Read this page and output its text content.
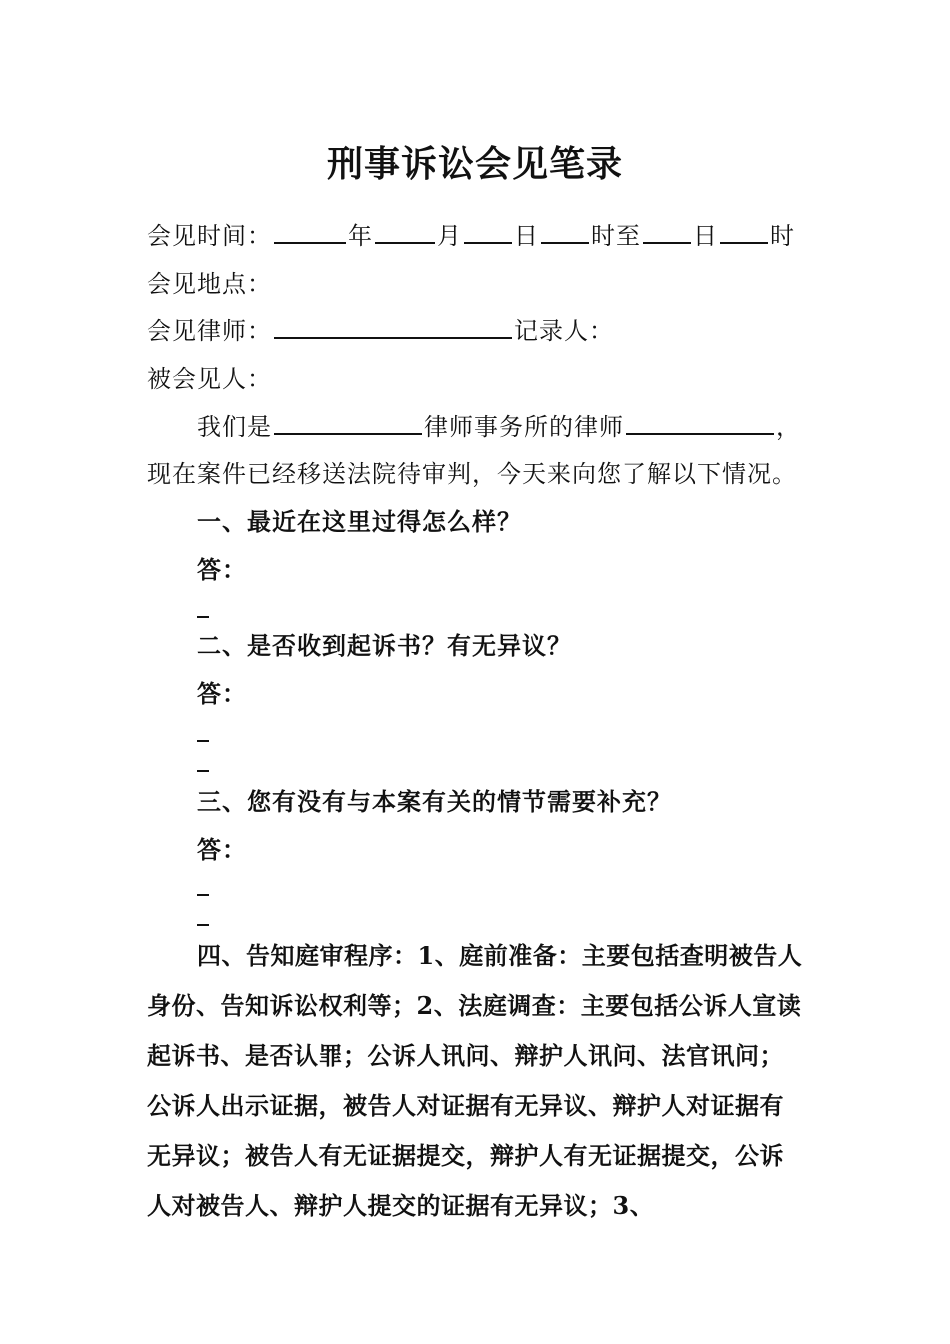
刑事诉讼会见笔录
会见时间：	年	月 日 时至 日 时
会见地点：
会见律师：	记录人：
被会见人：
我们是	律师事务所的律师	，
现在案件已经移送法院待审判，今天来向您了解以下情况。
一、最近在这里过得怎么样？
答：
二、是否收到起诉书？有无异议？
答：
三、您有没有与本案有关的情节需要补充？
答：
四、告知庭审程序：1、庭前准备：主要包括查明被告人身份、告知诉讼权利等；2、法庭调查：主要包括公诉人宣读起诉书、是否认罪；公诉人讯问、辩护人讯问、法官讯问；公诉人出示证据，被告人对证据有无异议、辩护人对证据有无异议；被告人有无证据提交，辩护人有无证据提交，公诉人对被告人、辩护人提交的证据有无异议；3、
